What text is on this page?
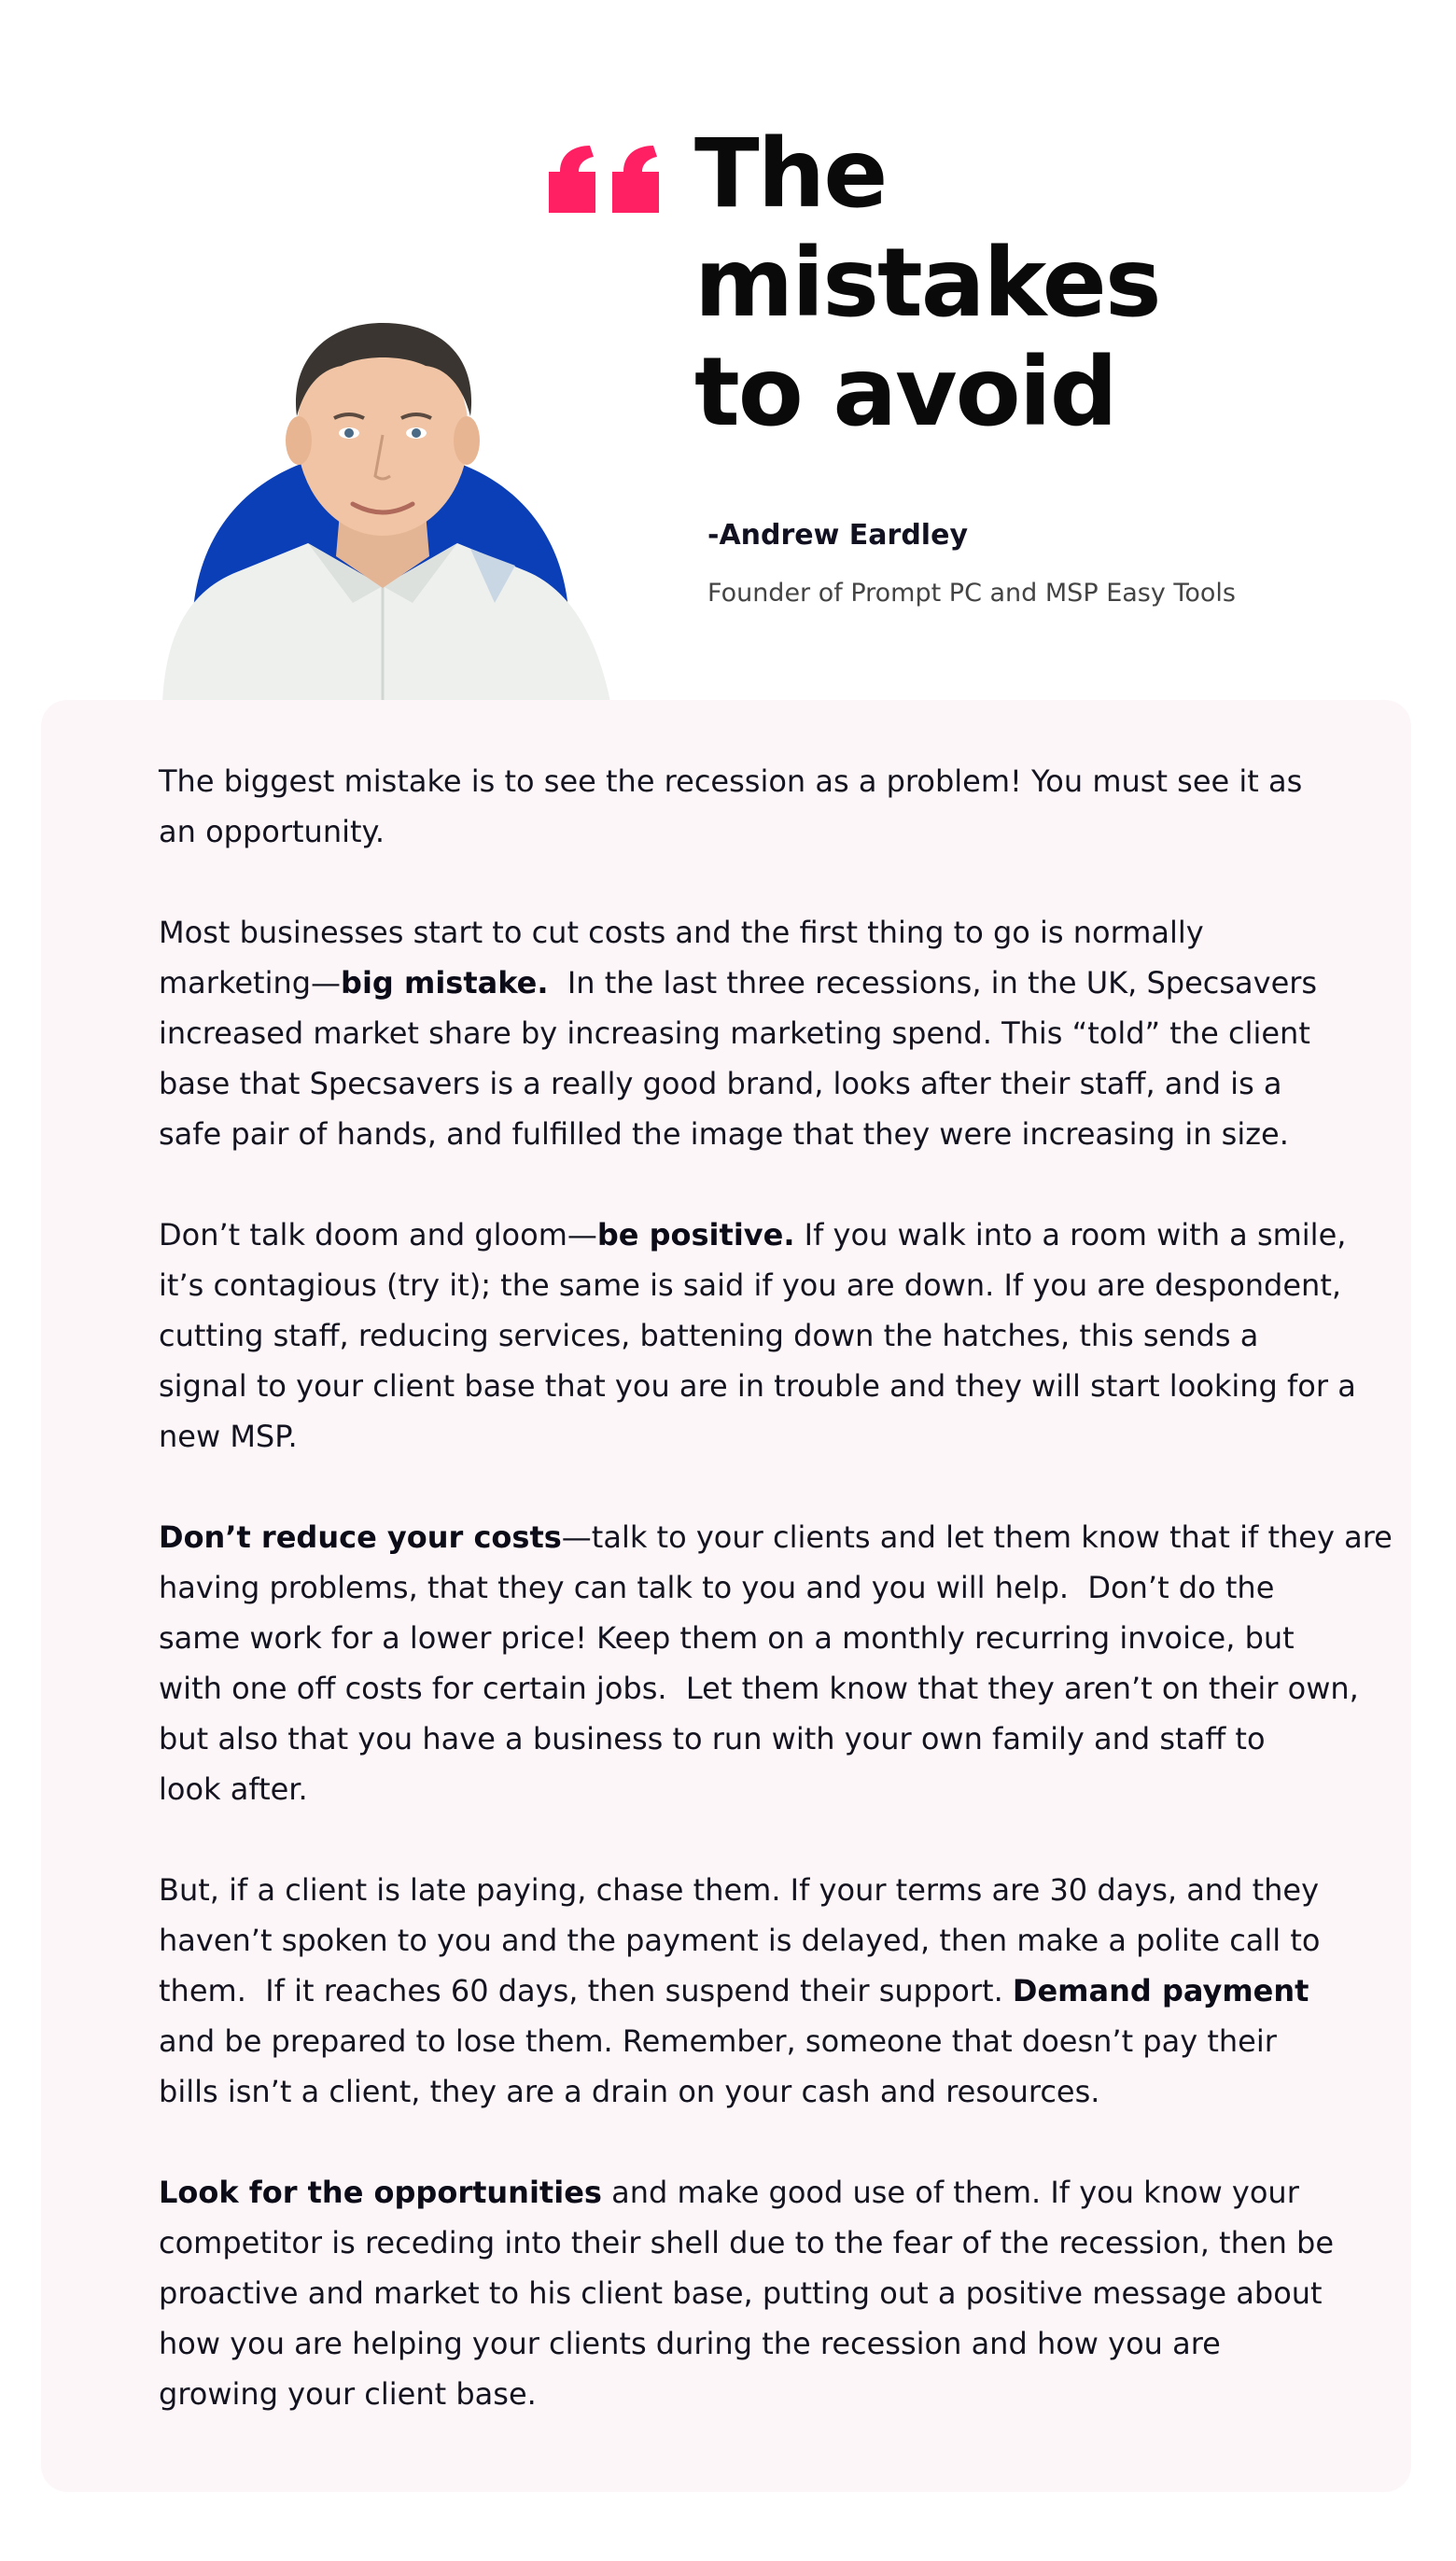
The
mistakes
to avoid

-Andrew Eardley

Founder of Prompt PC and MSP Easy Tools

The biggest mistake is to see the recession as a problem! You must see it as
an opportunity.

Most businesses start to cut costs and the first thing to go is normally
marketing—big mistake.  In the last three recessions, in the UK, Specsavers
increased market share by increasing marketing spend. This “told” the client
base that Specsavers is a really good brand, looks after their staff, and is a
safe pair of hands, and fulfilled the image that they were increasing in size.

Don’t talk doom and gloom—be positive. If you walk into a room with a smile,
it’s contagious (try it); the same is said if you are down. If you are despondent,
cutting staff, reducing services, battening down the hatches, this sends a
signal to your client base that you are in trouble and they will start looking for a
new MSP.

Don’t reduce your costs—talk to your clients and let them know that if they are
having problems, that they can talk to you and you will help.  Don’t do the
same work for a lower price! Keep them on a monthly recurring invoice, but
with one off costs for certain jobs.  Let them know that they aren’t on their own,
but also that you have a business to run with your own family and staff to
look after.

But, if a client is late paying, chase them. If your terms are 30 days, and they
haven’t spoken to you and the payment is delayed, then make a polite call to
them.  If it reaches 60 days, then suspend their support. Demand payment
and be prepared to lose them. Remember, someone that doesn’t pay their
bills isn’t a client, they are a drain on your cash and resources.

Look for the opportunities and make good use of them. If you know your
competitor is receding into their shell due to the fear of the recession, then be
proactive and market to his client base, putting out a positive message about
how you are helping your clients during the recession and how you are
growing your client base.
